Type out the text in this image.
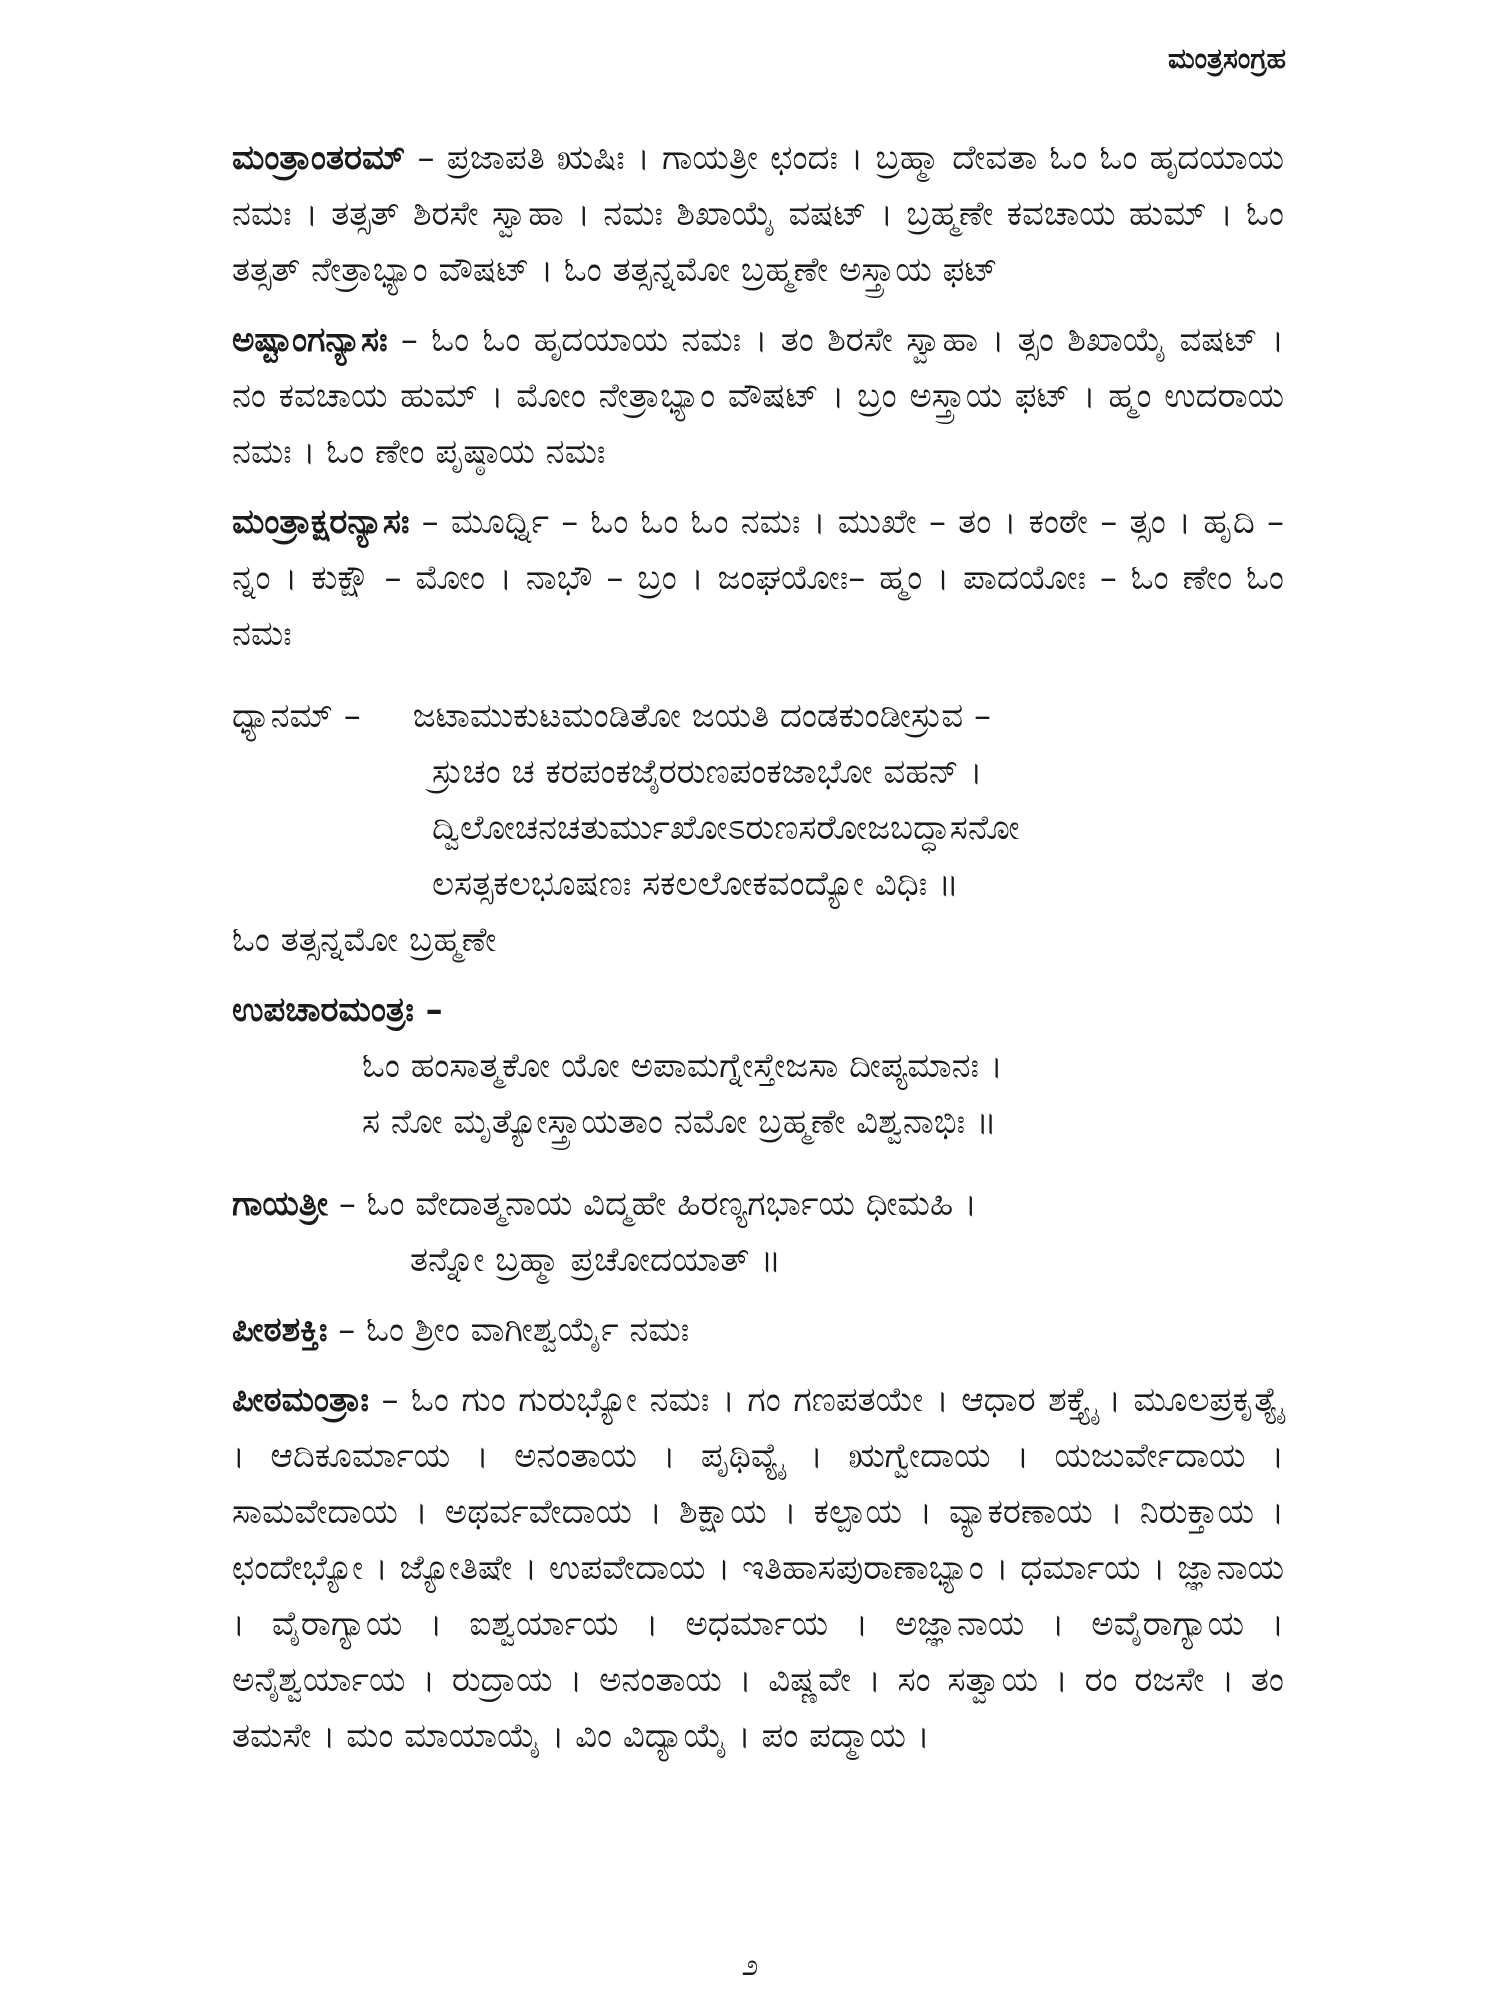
ಮಂತ್ರಸಂಗ್ರಹ
ಮಂತ್ರಾಂತರಮ್ – ಪ್ರಜಾಪತಿ ಋಷಿಃ । ಗಾಯತ್ರೀ ಛಂದಃ । ಬ್ರಹ್ಮಾ ದೇವತಾ ಓಂ ಓಂ ಹೃದಯಾಯ ನಮಃ । ತತ್ಸತ್ ಶಿರಸೇ ಸ್ವಾಹಾ । ನಮಃ ಶಿಖಾಯೈ ವಷಟ್ । ಬ್ರಹ್ಮಣೇ ಕವಚಾಯ ಹುಮ್ । ಓಂ ತತ್ಸತ್ ನೇತ್ರಾಭ್ಯಾಂ ವೌಷಟ್ । ಓಂ ತತ್ಸನ್ನಮೋ ಬ್ರಹ್ಮಣೇ ಅಸ್ತ್ರಾಯ ಫಟ್
ಅಷ್ಟಾಂಗನ್ಯಾಸಃ – ಓಂ ಓಂ ಹೃದಯಾಯ ನಮಃ । ತಂ ಶಿರಸೇ ಸ್ವಾಹಾ । ತ್ಸಂ ಶಿಖಾಯೈ ವಷಟ್ । ನಂ ಕವಚಾಯ ಹುಮ್ । ಮೋಂ ನೇತ್ರಾಭ್ಯಾಂ ವೌಷಟ್ । ಬ್ರಂ ಅಸ್ತ್ರಾಯ ಫಟ್ । ಹ್ಮಂ ಉದರಾಯ ನಮಃ । ಓಂ ಣೇಂ ಪೃಷ್ಠಾಯ ನಮಃ
ಮಂತ್ರಾಕ್ಷರನ್ಯಾಸಃ – ಮೂರ್ಧ್ನಿ – ಓಂ ಓಂ ಓಂ ನಮಃ । ಮುಖೇ – ತಂ । ಕಂಠೇ – ತ್ಸಂ । ಹೃದಿ – ನ್ನಂ । ಕುಕ್ಷೌ – ಮೋಂ । ನಾಭೌ – ಬ್ರಂ । ಜಂಘಯೋಃ– ಹ್ಮಂ । ಪಾದಯೋಃ – ಓಂ ಣೇಂ ಓಂ ನಮಃ
ಧ್ಯಾನಮ್ – ಜಟಾಮುಕುಟಮಂಡಿತೋ ಜಯತಿ ದಂಡಕುಂಡೀಸ್ರುವ –
ಸ್ರುಚಂ ಚ ಕರಪಂಕಜೈರರುಣಪಂಕಜಾಭೋ ವಹನ್ ।
ದ್ವಿಲೋಚನಚತುರ್ಮುಖೋಽರುಣಸರೋಜಬದ್ಧಾಸನೋ
ಲಸತ್ಸಕಲಭೂಷಣಃ ಸಕಲಲೋಕವಂದ್ಯೋ ವಿಧಿಃ ॥
ಓಂ ತತ್ಸನ್ನಮೋ ಬ್ರಹ್ಮಣೇ
ಉಪಚಾರಮಂತ್ರಃ –
ಓಂ ಹಂಸಾತ್ಮಕೋ ಯೋ ಅಪಾಮಗ್ನೇಸ್ತೇಜಸಾ ದೀಪ್ಯಮಾನಃ ।
ಸ ನೋ ಮೃತ್ಯೋಸ್ತ್ರಾಯತಾಂ ನಮೋ ಬ್ರಹ್ಮಣೇ ವಿಶ್ವನಾಭಿಃ ॥
ಗಾಯತ್ರೀ – ಓಂ ವೇದಾತ್ಮನಾಯ ವಿದ್ಮಹೇ ಹಿರಣ್ಯಗರ್ಭಾಯ ಧೀಮಹಿ ।
ತನ್ನೋ ಬ್ರಹ್ಮಾ ಪ್ರಚೋದಯಾತ್ ॥
ಪೀಠಶಕ್ತಿಃ – ಓಂ ಶ್ರೀಂ ವಾಗೀಶ್ವರ್ಯೈ ನಮಃ
ಪೀಠಮಂತ್ರಾಃ – ಓಂ ಗುಂ ಗುರುಭ್ಯೋ ನಮಃ । ಗಂ ಗಣಪತಯೇ । ಆಧಾರ ಶಕ್ತ್ಯೈ । ಮೂಲಪ್ರಕೃತ್ಯೈ । ಆದಿಕೂರ್ಮಾಯ । ಅನಂತಾಯ । ಪೃಥಿವ್ಯೈ । ಋಗ್ವೇದಾಯ । ಯಜುರ್ವೇದಾಯ । ಸಾಮವೇದಾಯ । ಅಥರ್ವವೇದಾಯ । ಶಿಕ್ಷಾಯ । ಕಲ್ಪಾಯ । ವ್ಯಾಕರಣಾಯ । ನಿರುಕ್ತಾಯ । ಛಂದೇಭ್ಯೋ । ಜ್ಯೋತಿಷೇ । ಉಪವೇದಾಯ । ಇತಿಹಾಸಪುರಾಣಾಭ್ಯಾಂ । ಧರ್ಮಾಯ । ಜ್ಞಾನಾಯ । ವೈರಾಗ್ಯಾಯ । ಐಶ್ವರ್ಯಾಯ । ಅಧರ್ಮಾಯ । ಅಜ್ಞಾನಾಯ । ಅವೈರಾಗ್ಯಾಯ । ಅನೈಶ್ವರ್ಯಾಯ । ರುದ್ರಾಯ । ಅನಂತಾಯ । ವಿಷ್ಣವೇ । ಸಂ ಸತ್ವಾಯ । ರಂ ರಜಸೇ । ತಂ ತಮಸೇ । ಮಂ ಮಾಯಾಯೈ । ವಿಂ ವಿದ್ಯಾಯೈ । ಪಂ ಪದ್ಮಾಯ ।
೨
